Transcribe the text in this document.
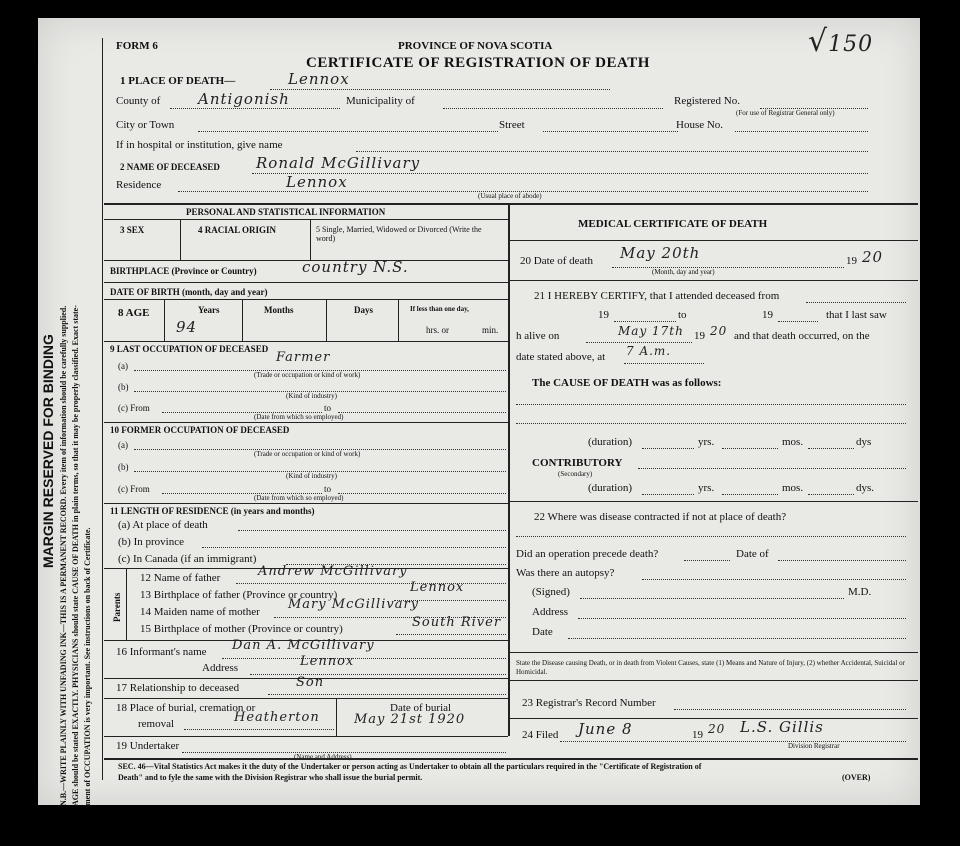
MARGIN RESERVED FOR BINDING N.B.—WRITE PLAINLY WITH UNFADING INK—THIS IS A PERMANENT RECORD. Every item of information should be carefully supplied. AGE should be stated EXACTLY. PHYSICIANS should state CAUSE OF DEATH in plain terms, so that it may be properly classified. Exact state- ment of OCCUPATION is very important. See instructions on back of Certificate.
FORM 6	PROVINCE OF NOVA SCOTIA
CERTIFICATE OF REGISTRATION OF DEATH
√150
1 PLACE OF DEATH—	Lennox
County of	Antigonish	Municipality of	Registered No.
(For use of Registrar General only)
City or Town	Street	House No.
If in hospital or institution, give name
2 NAME OF DECEASED Ronald McGillivary
Residence	Lennox
(Usual place of abode)
PERSONAL AND STATISTICAL INFORMATION
3 SEX	4 RACIAL ORIGIN	5 Single, Married, Widowed or Divorced (Write the word)
BIRTHPLACE (Province or Country)	country N.S.
DATE OF BIRTH (month, day and year)
8 AGE	Years
94
Months	Days	If less than one day,
hrs. or	min.
9 LAST OCCUPATION OF DECEASED
(a)
Farmer
(Trade or occupation or kind of work)
(b)
(Kind of industry)
(c) From	to
(Date from which so employed)
10 FORMER OCCUPATION OF DECEASED
(a)
(Trade or occupation or kind of work)
(b)
(Kind of industry)
(c) From	to
(Date from which so employed)
11 LENGTH OF RESIDENCE (in years and months)
(a) At place of death
(b) In province
(c) In Canada (if an immigrant)
Parents
12 Name of father	Andrew McGillivary
13 Birthplace of father (Province or country)	Lennox
14 Maiden name of mother Mary McGillivary
15 Birthplace of mother (Province or country)	South River
16 Informant's name Dan A. McGillivary
Address	Lennox
17 Relationship to deceased	Son
18 Place of burial, cremation or
removal	Heatherton
Date of burial
May 21st 1920
19 Undertaker
(Name and Address)
MEDICAL CERTIFICATE OF DEATH
20 Date of death May 20th
(Month, day and year)
19 20
21 I HEREBY CERTIFY, that I attended deceased from
19	to	19	that I last saw
h alive on	May 17th 19 20 and that death occurred, on the
date stated above, at 7 A.m.
The CAUSE OF DEATH was as follows:
(duration)	yrs.	mos.	dys
CONTRIBUTORY
(Secondary)
(duration)	yrs.	mos.	dys.
22 Where was disease contracted if not at place of death?
Did an operation precede death?	Date of
Was there an autopsy?
(Signed)	M.D.
Address
Date
State the Disease causing Death, or in death from Violent Causes, state (1) Means and Nature of Injury, (2) whether Accidental, Suicidal or Homicidal.
23 Registrar's Record Number
24 Filed June 8	19 20 L.S. Gillis
Division Registrar
SEC. 46—Vital Statistics Act makes it the duty of the Undertaker or person acting as Undertaker to obtain all the particulars required in the "Certificate of Registration of
Death" and to fyle the same with the Division Registrar who shall issue the burial permit.	(OVER)
